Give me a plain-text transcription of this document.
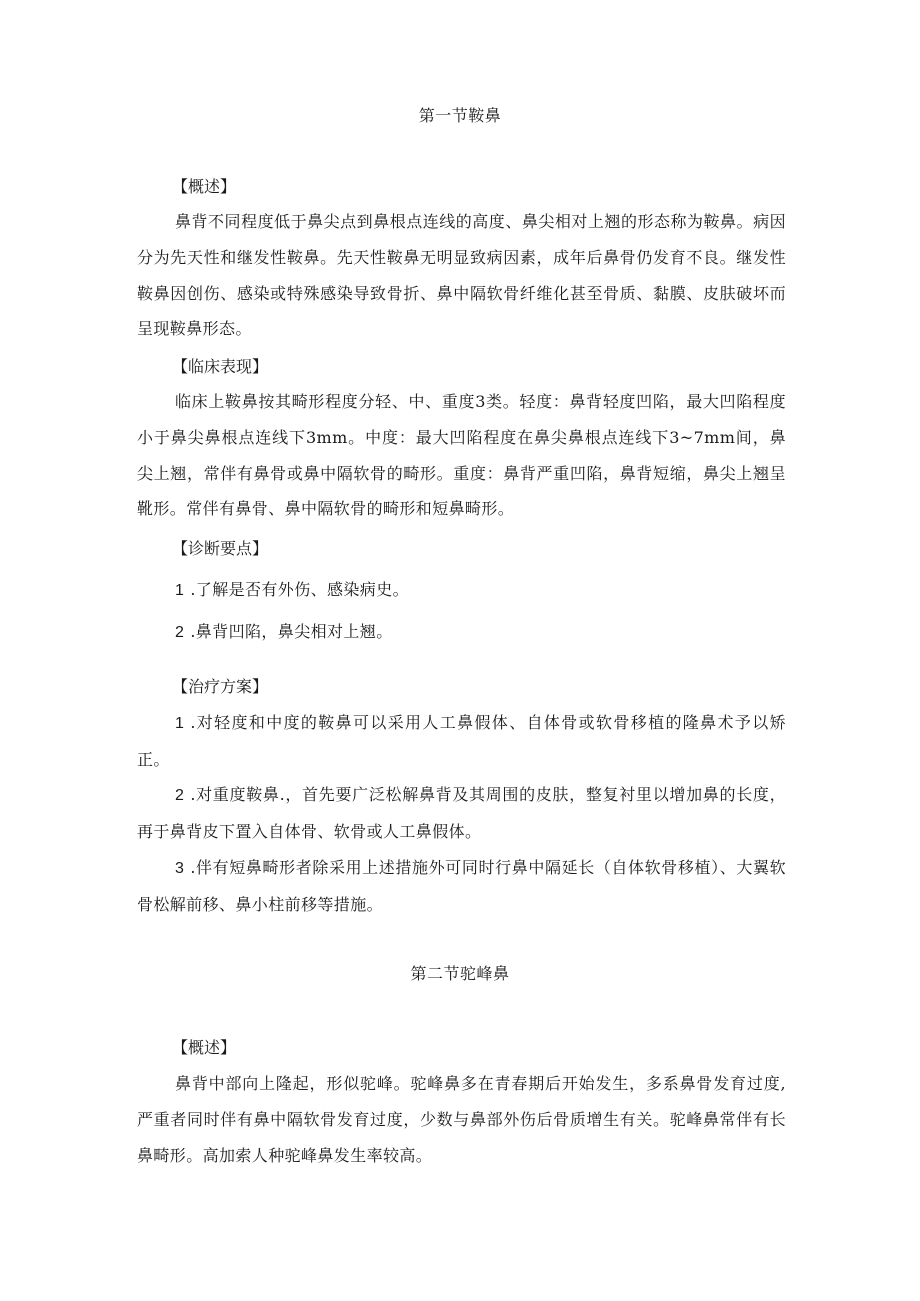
第一节鞍鼻
【概述】

鼻背不同程度低于鼻尖点到鼻根点连线的高度、鼻尖相对上翘的形态称为鞍鼻。病因分为先天性和继发性鞍鼻。先天性鞍鼻无明显致病因素，成年后鼻骨仍发育不良。继发性鞍鼻因创伤、感染或特殊感染导致骨折、鼻中隔软骨纤维化甚至骨质、黏膜、皮肤破坏而呈现鞍鼻形态。

【临床表现】

临床上鞍鼻按其畸形程度分轻、中、重度3类。轻度：鼻背轻度凹陷，最大凹陷程度小于鼻尖鼻根点连线下3mm。中度：最大凹陷程度在鼻尖鼻根点连线下3~7mm间，鼻尖上翘，常伴有鼻骨或鼻中隔软骨的畸形。重度：鼻背严重凹陷，鼻背短缩，鼻尖上翘呈靴形。常伴有鼻骨、鼻中隔软骨的畸形和短鼻畸形。

【诊断要点】

1 .了解是否有外伤、感染病史。

2 .鼻背凹陷，鼻尖相对上翘。

【治疗方案】

1 .对轻度和中度的鞍鼻可以采用人工鼻假体、自体骨或软骨移植的隆鼻术予以矫正。

2 .对重度鞍鼻.，首先要广泛松解鼻背及其周围的皮肤，整复衬里以增加鼻的长度，再于鼻背皮下置入自体骨、软骨或人工鼻假体。

3 .伴有短鼻畸形者除采用上述措施外可同时行鼻中隔延长（自体软骨移植）、大翼软骨松解前移、鼻小柱前移等措施。

第二节驼峰鼻
【概述】

鼻背中部向上隆起，形似驼峰。驼峰鼻多在青春期后开始发生，多系鼻骨发育过度,严重者同时伴有鼻中隔软骨发育过度，少数与鼻部外伤后骨质增生有关。驼峰鼻常伴有长鼻畸形。高加索人种驼峰鼻发生率较高。
